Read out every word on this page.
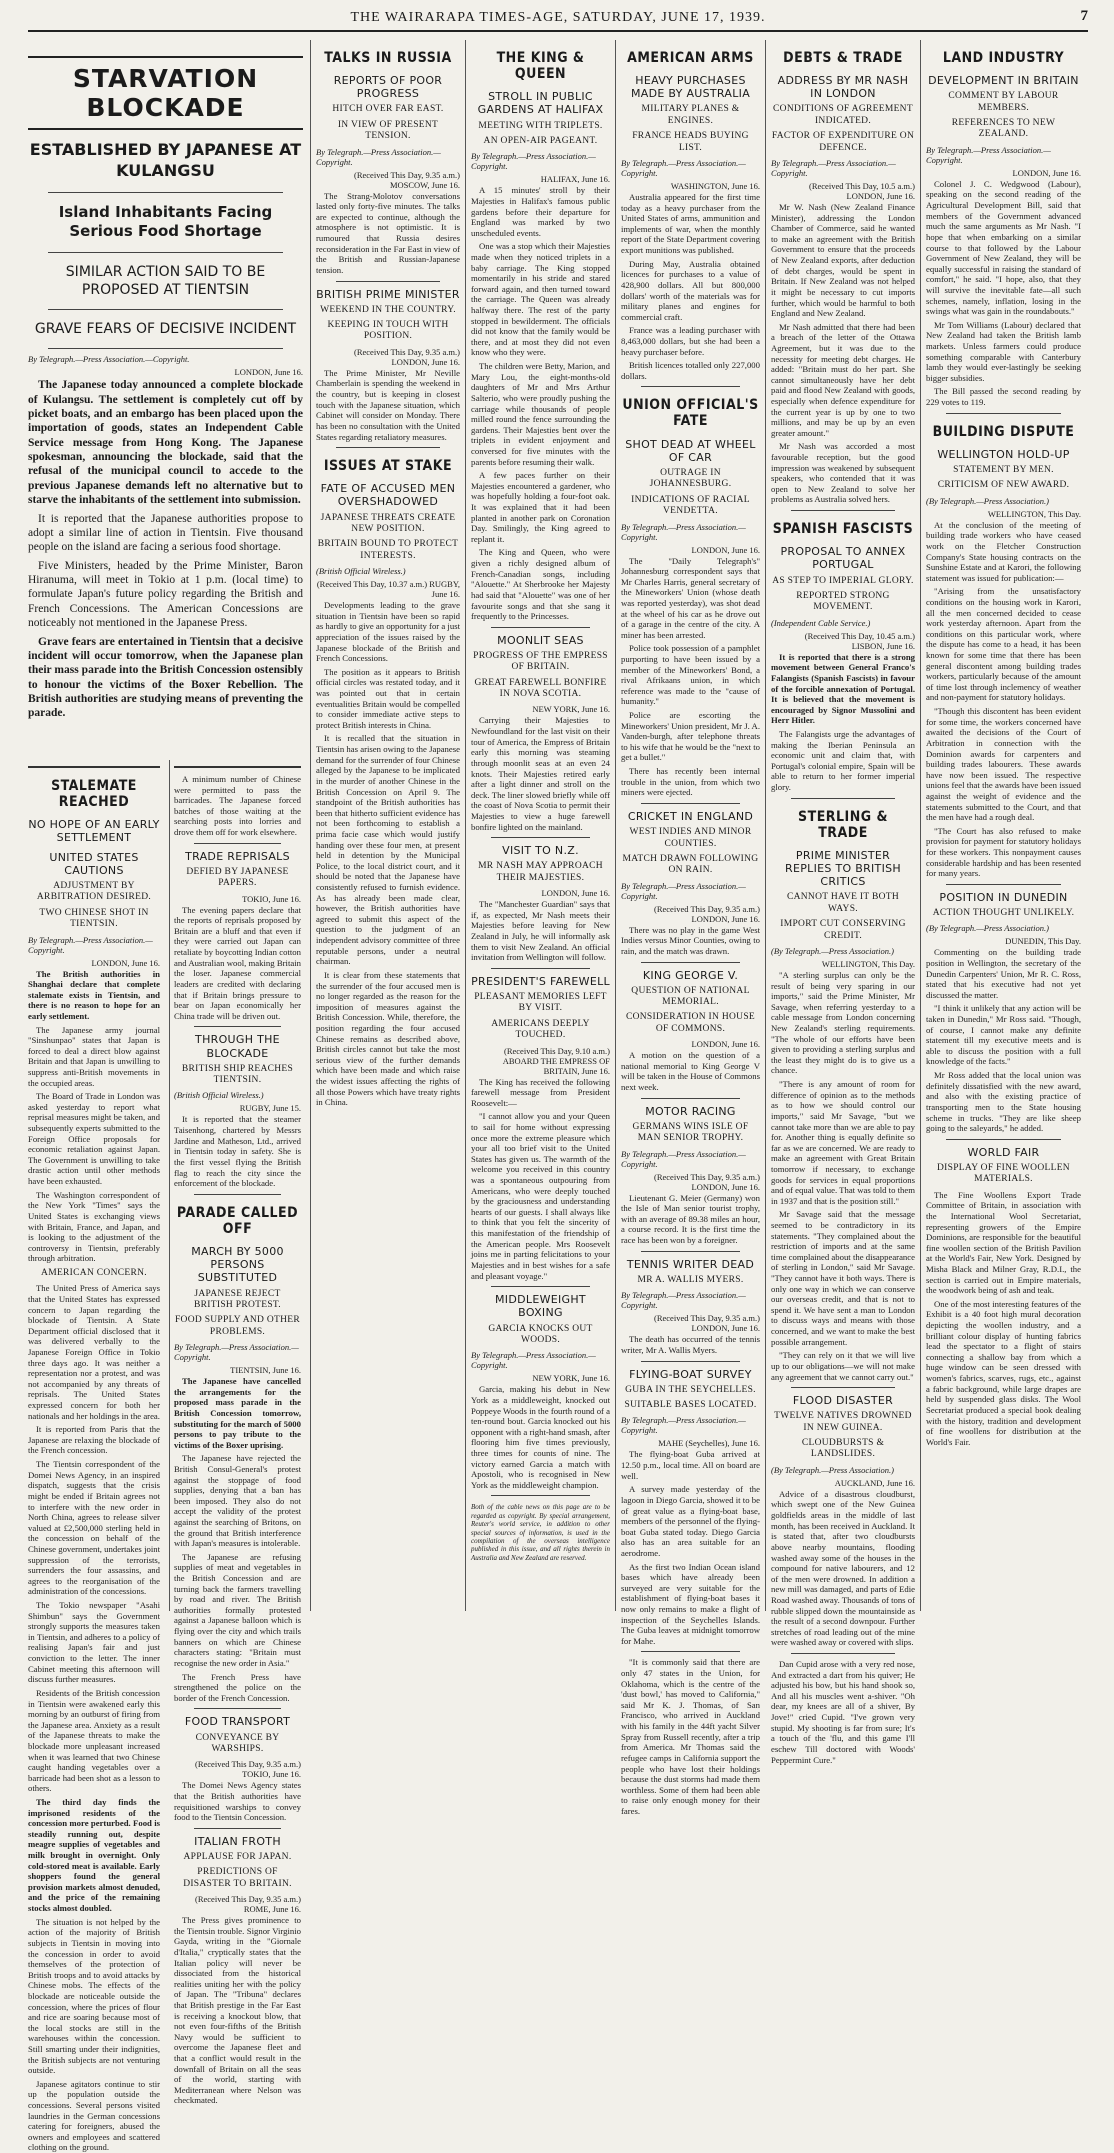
THE WAIRARAPA TIMES-AGE, SATURDAY, JUNE 17, 1939.	7
STARVATION BLOCKADE
ESTABLISHED BY JAPANESE AT KULANGSU
Island Inhabitants Facing Serious Food Shortage
SIMILAR ACTION SAID TO BE PROPOSED AT TIENTSIN
GRAVE FEARS OF DECISIVE INCIDENT
By Telegraph.—Press Association.—Copyright.
LONDON, June 16.

The Japanese today announced a complete blockade of Kulangsu. The settlement is completely cut off by picket boats, and an embargo has been placed upon the importation of goods, states an Independent Cable Service message from Hong Kong. The Japanese spokesman, announcing the blockade, said that the refusal of the municipal council to accede to the previous Japanese demands left no alternative but to starve the inhabitants of the settlement into submission.

It is reported that the Japanese authorities propose to adopt a similar line of action in Tientsin. Five thousand people on the island are facing a serious food shortage.

Five Ministers, headed by the Prime Minister, Baron Hiranuma, will meet in Tokio at 1 p.m. (local time) to formulate Japan's future policy regarding the British and French Concessions. The American Concessions are noticeably not mentioned in the Japanese Press.

Grave fears are entertained in Tientsin that a decisive incident will occur tomorrow, when the Japanese plan their mass parade into the British Concession ostensibly to honour the victims of the Boxer Rebellion. The British authorities are studying means of preventing the parade.

STALEMATE REACHED
NO HOPE OF AN EARLY SETTLEMENT
UNITED STATES CAUTIONS
ADJUSTMENT BY ARBITRATION DESIRED.
TWO CHINESE SHOT IN TIENTSIN.
By Telegraph.—Press Association.—Copyright.
LONDON, June 16.

The British authorities in Shanghai declare that complete stalemate exists in Tientsin, and there is no reason to hope for an early settlement.

The Japanese army journal "Sinshunpao" states that Japan is forced to deal a direct blow against Britain and that Japan is unwilling to suppress anti-British movements in the occupied areas.

The Board of Trade in London was asked yesterday to report what reprisal measures might be taken, and subsequently experts submitted to the Foreign Office proposals for economic retaliation against Japan. The Government is unwilling to take drastic action until other methods have been exhausted.

The Washington correspondent of the New York "Times" says the United States is exchanging views with Britain, France, and Japan, and is looking to the adjustment of the controversy in Tientsin, preferably through arbitration.

AMERICAN CONCERN.

The United Press of America says that the United States has expressed concern to Japan regarding the blockade of Tientsin. A State Department official disclosed that it was delivered verbally to the Japanese Foreign Office in Tokio three days ago. It was neither a representation nor a protest, and was not accompanied by any threats of reprisals. The United States expressed concern for both her nationals and her holdings in the area.

It is reported from Paris that the Japanese are relaxing the blockade of the French concession.

The Tientsin correspondent of the Domei News Agency, in an inspired dispatch, suggests that the crisis might be ended if Britain agrees not to interfere with the new order in North China, agrees to release silver valued at £2,500,000 sterling held in the concession on behalf of the Chinese government, undertakes joint suppression of the terrorists, surrenders the four assassins, and agrees to the reorganisation of the administration of the concessions.

The Tokio newspaper "Asahi Shimbun" says the Government strongly supports the measures taken in Tientsin, and adheres to a policy of realising Japan's fair and just conviction to the letter. The inner Cabinet meeting this afternoon will discuss further measures.

Residents of the British concession in Tientsin were awakened early this morning by an outburst of firing from the Japanese area. Anxiety as a result of the Japanese threats to make the blockade more unpleasant increased when it was learned that two Chinese caught handing vegetables over a barricade had been shot as a lesson to others.

The third day finds the imprisoned residents of the concession more perturbed. Food is steadily running out, despite meagre supplies of vegetables and milk brought in overnight. Only cold-stored meat is available. Early shoppers found the general provision markets almost denuded, and the price of the remaining stocks almost doubled.

The situation is not helped by the action of the majority of British subjects in Tientsin in moving into the concession in order to avoid themselves of the protection of British troops and to avoid attacks by Chinese mobs. The effects of the blockade are noticeable outside the concession, where the prices of flour and rice are soaring because most of the local stocks are still in the warehouses within the concession. Still smarting under their indignities, the British subjects are not venturing outside.

Japanese agitators continue to stir up the population outside the concessions. Several persons visited laundries in the German concessions catering for foreigners, abused the owners and employees and scattered clothing on the ground.

A minimum number of Chinese were permitted to pass the barricades. The Japanese forced batches of those waiting at the searching posts into lorries and drove them off for work elsewhere.

TRADE REPRISALS
DEFIED BY JAPANESE PAPERS.
TOKIO, June 16.

The evening papers declare that the reports of reprisals proposed by Britain are a bluff and that even if they were carried out Japan can retaliate by boycotting Indian cotton and Australian wool, making Britain the loser. Japanese commercial leaders are credited with declaring that if Britain brings pressure to bear on Japan economically her China trade will be driven out.

THROUGH THE BLOCKADE
BRITISH SHIP REACHES TIENTSIN.
(British Official Wireless.)
RUGBY, June 15.

It is reported that the steamer Taisenhong, chartered by Messrs Jardine and Matheson, Ltd., arrived in Tientsin today in safety. She is the first vessel flying the British flag to reach the city since the enforcement of the blockade.

PARADE CALLED OFF
MARCH BY 5000 PERSONS SUBSTITUTED
JAPANESE REJECT BRITISH PROTEST.
FOOD SUPPLY AND OTHER PROBLEMS.
By Telegraph.—Press Association.—Copyright.
TIENTSIN, June 16.

The Japanese have cancelled the arrangements for the proposed mass parade in the British Concession tomorrow, substituting for the march of 5000 persons to pay tribute to the victims of the Boxer uprising.

The Japanese have rejected the British Consul-General's protest against the stoppage of food supplies, denying that a ban has been imposed. They also do not accept the validity of the protest against the searching of Britons, on the ground that British interference with Japan's measures is intolerable.

The Japanese are refusing supplies of meat and vegetables in the British Concession and are turning back the farmers travelling by road and river. The British authorities formally protested against a Japanese balloon which is flying over the city and which trails banners on which are Chinese characters stating: "Britain must recognise the new order in Asia."

The French Press have strengthened the police on the border of the French Concession.

FOOD TRANSPORT
CONVEYANCE BY WARSHIPS.
(Received This Day, 9.35 a.m.) TOKIO, June 16.

The Domei News Agency states that the British authorities have requisitioned warships to convey food to the Tientsin Concession.

ITALIAN FROTH
APPLAUSE FOR JAPAN.
PREDICTIONS OF DISASTER TO BRITAIN.
(Received This Day, 9.35 a.m.) ROME, June 16.

The Press gives prominence to the Tientsin trouble. Signor Virginio Gayda, writing in the "Giornale d'Italia," cryptically states that the Italian policy will never be dissociated from the historical realities uniting her with the policy of Japan. The "Tribuna" declares that British prestige in the Far East is receiving a knockout blow, that not even four-fifths of the British Navy would be sufficient to overcome the Japanese fleet and that a conflict would result in the downfall of Britain on all the seas of the world, starting with Mediterranean where Nelson was checkmated.

TALKS IN RUSSIA
REPORTS OF POOR PROGRESS
HITCH OVER FAR EAST.
IN VIEW OF PRESENT TENSION.
By Telegraph.—Press Association.—Copyright.
(Received This Day, 9.35 a.m.) MOSCOW, June 16.

The Strang-Molotov conversations lasted only forty-five minutes. The talks are expected to continue, although the atmosphere is not optimistic. It is rumoured that Russia desires reconsideration in the Far East in view of the British and Russian-Japanese tension.

BRITISH PRIME MINISTER
WEEKEND IN THE COUNTRY.
KEEPING IN TOUCH WITH POSITION.
(Received This Day, 9.35 a.m.) LONDON, June 16.

The Prime Minister, Mr Neville Chamberlain is spending the weekend in the country, but is keeping in closest touch with the Japanese situation, which Cabinet will consider on Monday. There has been no consultation with the United States regarding retaliatory measures.

ISSUES AT STAKE
FATE OF ACCUSED MEN OVERSHADOWED
JAPANESE THREATS CREATE NEW POSITION.
BRITAIN BOUND TO PROTECT INTERESTS.
(British Official Wireless.)
(Received This Day, 10.37 a.m.) RUGBY, June 16.

Developments leading to the grave situation in Tientsin have been so rapid as hardly to give an opportunity for a just appreciation of the issues raised by the Japanese blockade of the British and French Concessions.

The position as it appears to British official circles was restated today, and it was pointed out that in certain eventualities Britain would be compelled to consider immediate active steps to protect British interests in China.

It is recalled that the situation in Tientsin has arisen owing to the Japanese demand for the surrender of four Chinese alleged by the Japanese to be implicated in the murder of another Chinese in the British Concession on April 9. The standpoint of the British authorities has been that hitherto sufficient evidence has not been forthcoming to establish a prima facie case which would justify handing over these four men, at present held in detention by the Municipal Police, to the local district court, and it should be noted that the Japanese have consistently refused to furnish evidence. As has already been made clear, however, the British authorities have agreed to submit this aspect of the question to the judgment of an independent advisory committee of three reputable persons, under a neutral chairman.

It is clear from these statements that the surrender of the four accused men is no longer regarded as the reason for the imposition of measures against the British Concession. While, therefore, the position regarding the four accused Chinese remains as described above, British circles cannot but take the most serious view of the further demands which have been made and which raise the widest issues affecting the rights of all those Powers which have treaty rights in China.

THE KING & QUEEN
STROLL IN PUBLIC GARDENS AT HALIFAX
MEETING WITH TRIPLETS.
AN OPEN-AIR PAGEANT.
By Telegraph.—Press Association.—Copyright.
HALIFAX, June 16.

A 15 minutes' stroll by their Majesties in Halifax's famous public gardens before their departure for England was marked by two unscheduled events.

One was a stop which their Majesties made when they noticed triplets in a baby carriage. The King stopped momentarily in his stride and stared forward again, and then turned toward the carriage. The Queen was already halfway there. The rest of the party stopped in bewilderment. The officials did not know that the family would be there, and at most they did not even know who they were.

The children were Betty, Marion, and Mary Lou, the eight-months-old daughters of Mr and Mrs Arthur Salterio, who were proudly pushing the carriage while thousands of people milled round the fence surrounding the gardens. Their Majesties bent over the triplets in evident enjoyment and conversed for five minutes with the parents before resuming their walk.

A few paces further on their Majesties encountered a gardener, who was hopefully holding a four-foot oak. It was explained that it had been planted in another park on Coronation Day. Smilingly, the King agreed to replant it.

The King and Queen, who were given a richly designed album of French-Canadian songs, including "Alouette." At Sherbrooke her Majesty had said that "Alouette" was one of her favourite songs and that she sang it frequently to the Princesses.

MOONLIT SEAS
PROGRESS OF THE EMPRESS OF BRITAIN.
GREAT FAREWELL BONFIRE IN NOVA SCOTIA.
NEW YORK, June 16.

Carrying their Majesties to Newfoundland for the last visit on their tour of America, the Empress of Britain early this morning was steaming through moonlit seas at an even 24 knots. Their Majesties retired early after a light dinner and stroll on the deck. The liner slowed briefly while off the coast of Nova Scotia to permit their Majesties to view a huge farewell bonfire lighted on the mainland.

VISIT TO N.Z.
MR NASH MAY APPROACH THEIR MAJESTIES.
LONDON, June 16.

The "Manchester Guardian" says that if, as expected, Mr Nash meets their Majesties before leaving for New Zealand in July, he will informally ask them to visit New Zealand. An official invitation from Wellington will follow.

PRESIDENT'S FAREWELL
PLEASANT MEMORIES LEFT BY VISIT.
AMERICANS DEEPLY TOUCHED.
(Received This Day, 9.10 a.m.) ABOARD THE EMPRESS OF BRITAIN, June 16.

The King has received the following farewell message from President Roosevelt:—

"I cannot allow you and your Queen to sail for home without expressing once more the extreme pleasure which your all too brief visit to the United States has given us. The warmth of the welcome you received in this country was a spontaneous outpouring from Americans, who were deeply touched by the graciousness and understanding hearts of our guests. I shall always like to think that you felt the sincerity of this manifestation of the friendship of the American people. Mrs Roosevelt joins me in parting felicitations to your Majesties and in best wishes for a safe and pleasant voyage."

MIDDLEWEIGHT BOXING
GARCIA KNOCKS OUT WOODS.
By Telegraph.—Press Association.—Copyright.
NEW YORK, June 16.

Garcia, making his debut in New York as a middleweight, knocked out Poppeye Woods in the fourth round of a ten-round bout. Garcia knocked out his opponent with a right-hand smash, after flooring him five times previously, three times for counts of nine. The victory earned Garcia a match with Apostoli, who is recognised in New York as the middleweight champion.

Both of the cable news on this page are to be regarded as copyright. By special arrangement, Reuter's world service, in addition to other special sources of information, is used in the compilation of the overseas intelligence published in this issue, and all rights therein in Australia and New Zealand are reserved.

AMERICAN ARMS
HEAVY PURCHASES MADE BY AUSTRALIA
MILITARY PLANES & ENGINES.
FRANCE HEADS BUYING LIST.
By Telegraph.—Press Association.—Copyright.
WASHINGTON, June 16.

Australia appeared for the first time today as a heavy purchaser from the United States of arms, ammunition and implements of war, when the monthly report of the State Department covering export munitions was published.

During May, Australia obtained licences for purchases to a value of 428,900 dollars. All but 800,000 dollars' worth of the materials was for military planes and engines for commercial craft.

France was a leading purchaser with 8,463,000 dollars, but she had been a heavy purchaser before.

British licences totalled only 227,000 dollars.

UNION OFFICIAL'S FATE
SHOT DEAD AT WHEEL OF CAR
OUTRAGE IN JOHANNESBURG.
INDICATIONS OF RACIAL VENDETTA.
By Telegraph.—Press Association.—Copyright.
LONDON, June 16.

The "Daily Telegraph's" Johannesburg correspondent says that Mr Charles Harris, general secretary of the Mineworkers' Union (whose death was reported yesterday), was shot dead at the wheel of his car as he drove out of a garage in the centre of the city. A miner has been arrested.

Police took possession of a pamphlet purporting to have been issued by a member of the Mineworkers' Bond, a rival Afrikaans union, in which reference was made to the "cause of humanity."

Police are escorting the Mineworkers' Union president, Mr J. A. Vanden-burgh, after telephone threats to his wife that he would be the "next to get a bullet."

There has recently been internal trouble in the union, from which two miners were ejected.

CRICKET IN ENGLAND
WEST INDIES AND MINOR COUNTIES.
MATCH DRAWN FOLLOWING ON RAIN.
By Telegraph.—Press Association.—Copyright.
(Received This Day, 9.35 a.m.) LONDON, June 16.

There was no play in the game West Indies versus Minor Counties, owing to rain, and the match was drawn.

KING GEORGE V.
QUESTION OF NATIONAL MEMORIAL.
CONSIDERATION IN HOUSE OF COMMONS.
LONDON, June 16.

A motion on the question of a national memorial to King George V will be taken in the House of Commons next week.

MOTOR RACING
GERMANS WINS ISLE OF MAN SENIOR TROPHY.
By Telegraph.—Press Association.—Copyright.
(Received This Day, 9.35 a.m.) LONDON, June 16.

Lieutenant G. Meier (Germany) won the Isle of Man senior tourist trophy, with an average of 89.38 miles an hour, a course record. It is the first time the race has been won by a foreigner.

TENNIS WRITER DEAD
MR A. WALLIS MYERS.
By Telegraph.—Press Association.—Copyright.
(Received This Day, 9.35 a.m.) LONDON, June 16.

The death has occurred of the tennis writer, Mr A. Wallis Myers.

FLYING-BOAT SURVEY
GUBA IN THE SEYCHELLES.
SUITABLE BASES LOCATED.
By Telegraph.—Press Association.—Copyright.
MAHE (Seychelles), June 16.

The flying-boat Guba arrived at 12.50 p.m., local time. All on board are well.

A survey made yesterday of the lagoon in Diego Garcia, showed it to be of great value as a flying-boat base, members of the personnel of the flying-boat Guba stated today. Diego Garcia also has an area suitable for an aerodrome.

As the first two Indian Ocean island bases which have already been surveyed are very suitable for the establishment of flying-boat bases it now only remains to make a flight of inspection of the Seychelles Islands. The Guba leaves at midnight tomorrow for Mahe.

"It is commonly said that there are only 47 states in the Union, for Oklahoma, which is the centre of the 'dust bowl,' has moved to California," said Mr K. J. Thomas, of San Francisco, who arrived in Auckland with his family in the 44ft yacht Silver Spray from Russell recently, after a trip from America. Mr Thomas said the refugee camps in California support the people who have lost their holdings because the dust storms had made them worthless. Some of them had been able to raise only enough money for their fares.

DEBTS & TRADE
ADDRESS BY MR NASH IN LONDON
CONDITIONS OF AGREEMENT INDICATED.
FACTOR OF EXPENDITURE ON DEFENCE.
By Telegraph.—Press Association.—Copyright.
(Received This Day, 10.5 a.m.) LONDON, June 16.

Mr W. Nash (New Zealand Finance Minister), addressing the London Chamber of Commerce, said he wanted to make an agreement with the British Government to ensure that the proceeds of New Zealand exports, after deduction of debt charges, would be spent in Britain. If New Zealand was not helped it might be necessary to cut imports further, which would be harmful to both England and New Zealand.

Mr Nash admitted that there had been a breach of the letter of the Ottawa Agreement, but it was due to the necessity for meeting debt charges. He added: "Britain must do her part. She cannot simultaneously have her debt paid and flood New Zealand with goods, especially when defence expenditure for the current year is up by one to two millions, and may be up by an even greater amount."

Mr Nash was accorded a most favourable reception, but the good impression was weakened by subsequent speakers, who contended that it was open to New Zealand to solve her problems as Australia solved hers.

SPANISH FASCISTS
PROPOSAL TO ANNEX PORTUGAL
AS STEP TO IMPERIAL GLORY.
REPORTED STRONG MOVEMENT.
(Independent Cable Service.)
(Received This Day, 10.45 a.m.) LISBON, June 16.

It is reported that there is a strong movement between General Franco's Falangists (Spanish Fascists) in favour of the forcible annexation of Portugal. It is believed that the movement is encouraged by Signor Mussolini and Herr Hitler.

The Falangists urge the advantages of making the Iberian Peninsula an economic unit and claim that, with Portugal's colonial empire, Spain will be able to return to her former imperial glory.

STERLING & TRADE
PRIME MINISTER REPLIES TO BRITISH CRITICS
CANNOT HAVE IT BOTH WAYS.
IMPORT CUT CONSERVING CREDIT.
(By Telegraph.—Press Association.)
WELLINGTON, This Day.

"A sterling surplus can only be the result of being very sparing in our imports," said the Prime Minister, Mr Savage, when referring yesterday to a cable message from London concerning New Zealand's sterling requirements. "The whole of our efforts have been given to providing a sterling surplus and the least they might do is to give us a chance.

"There is any amount of room for difference of opinion as to the methods as to how we should control our imports," said Mr Savage, "but we cannot take more than we are able to pay for. Another thing is equally definite so far as we are concerned. We are ready to make an agreement with Great Britain tomorrow if necessary, to exchange goods for services in equal proportions and of equal value. That was told to them in 1937 and that is the position still."

Mr Savage said that the message seemed to be contradictory in its statements. "They complained about the restriction of imports and at the same time complained about the disappearance of sterling in London," said Mr Savage. "They cannot have it both ways. There is only one way in which we can conserve our overseas credit, and that is not to spend it. We have sent a man to London to discuss ways and means with those concerned, and we want to make the best possible arrangement.

"They can rely on it that we will live up to our obligations—we will not make any agreement that we cannot carry out."

FLOOD DISASTER
TWELVE NATIVES DROWNED IN NEW GUINEA.
CLOUDBURSTS & LANDSLIDES.
(By Telegraph.—Press Association.)
AUCKLAND, June 16.

Advice of a disastrous cloudburst, which swept one of the New Guinea goldfields areas in the middle of last month, has been received in Auckland. It is stated that, after two cloudbursts above nearby mountains, flooding washed away some of the houses in the compound for native labourers, and 12 of the men were drowned. In addition a new mill was damaged, and parts of Edie Road washed away. Thousands of tons of rubble slipped down the mountainside as the result of a second downpour. Further stretches of road leading out of the mine were washed away or covered with slips.

Dan Cupid arose with a very red nose, And extracted a dart from his quiver; He adjusted his bow, but his hand shook so, And all his muscles went a-shiver. "Oh dear, my knees are all of a shiver, By Jove!" cried Cupid. "I've grown very stupid. My shooting is far from sure; It's a touch of the 'flu, and this game I'll eschew Till doctored with Woods' Peppermint Cure."

LAND INDUSTRY
DEVELOPMENT IN BRITAIN
COMMENT BY LABOUR MEMBERS.
REFERENCES TO NEW ZEALAND.
By Telegraph.—Press Association.—Copyright.
LONDON, June 16.

Colonel J. C. Wedgwood (Labour), speaking on the second reading of the Agricultural Development Bill, said that members of the Government advanced much the same arguments as Mr Nash. "I hope that when embarking on a similar course to that followed by the Labour Government of New Zealand, they will be equally successful in raising the standard of comfort," he said. "I hope, also, that they will survive the inevitable fate—all such schemes, namely, inflation, losing in the swings what was gain in the roundabouts."

Mr Tom Williams (Labour) declared that New Zealand had taken the British lamb markets. Unless farmers could produce something comparable with Canterbury lamb they would ever-lastingly be seeking bigger subsidies.

The Bill passed the second reading by 229 votes to 119.

BUILDING DISPUTE
WELLINGTON HOLD-UP
STATEMENT BY MEN.
CRITICISM OF NEW AWARD.
(By Telegraph.—Press Association.)
WELLINGTON, This Day.

At the conclusion of the meeting of building trade workers who have ceased work on the Fletcher Construction Company's State housing contracts on the Sunshine Estate and at Karori, the following statement was issued for publication:—

"Arising from the unsatisfactory conditions on the housing work in Karori, all the men concerned decided to cease work yesterday afternoon. Apart from the conditions on this particular work, where the dispute has come to a head, it has been known for some time that there has been general discontent among building trades workers, particularly because of the amount of time lost through inclemency of weather and non-payment for statutory holidays.

"Though this discontent has been evident for some time, the workers concerned have awaited the decisions of the Court of Arbitration in connection with the Dominion awards for carpenters and building trades labourers. These awards have now been issued. The respective unions feel that the awards have been issued against the weight of evidence and the statements submitted to the Court, and that the men have had a rough deal.

"The Court has also refused to make provision for payment for statutory holidays for these workers. This nonpayment causes considerable hardship and has been resented for many years.

POSITION IN DUNEDIN
ACTION THOUGHT UNLIKELY.
(By Telegraph.—Press Association.)
DUNEDIN, This Day.

Commenting on the building trade position in Wellington, the secretary of the Dunedin Carpenters' Union, Mr R. C. Ross, stated that his executive had not yet discussed the matter.

"I think it unlikely that any action will be taken in Dunedin," Mr Ross said. "Though, of course, I cannot make any definite statement till my executive meets and is able to discuss the position with a full knowledge of the facts."

Mr Ross added that the local union was definitely dissatisfied with the new award, and also with the existing practice of transporting men to the State housing scheme in trucks. "They are like sheep going to the saleyards," he added.

WORLD FAIR
DISPLAY OF FINE WOOLLEN MATERIALS.

The Fine Woollens Export Trade Committee of Britain, in association with the International Wool Secretariat, representing growers of the Empire Dominions, are responsible for the beautiful fine woollen section of the British Pavilion at the World's Fair, New York. Designed by Misha Black and Milner Gray, R.D.I., the section is carried out in Empire materials, the woodwork being of ash and teak.

One of the most interesting features of the Exhibit is a 40 foot high mural decoration depicting the woollen industry, and a brilliant colour display of hunting fabrics lead the spectator to a flight of stairs connecting a shallow bay from which a huge window can be seen dressed with women's fabrics, scarves, rugs, etc., against a fabric background, while large drapes are held by suspended glass disks. The Wool Secretariat produced a special book dealing with the history, tradition and development of fine woollens for distribution at the World's Fair.
